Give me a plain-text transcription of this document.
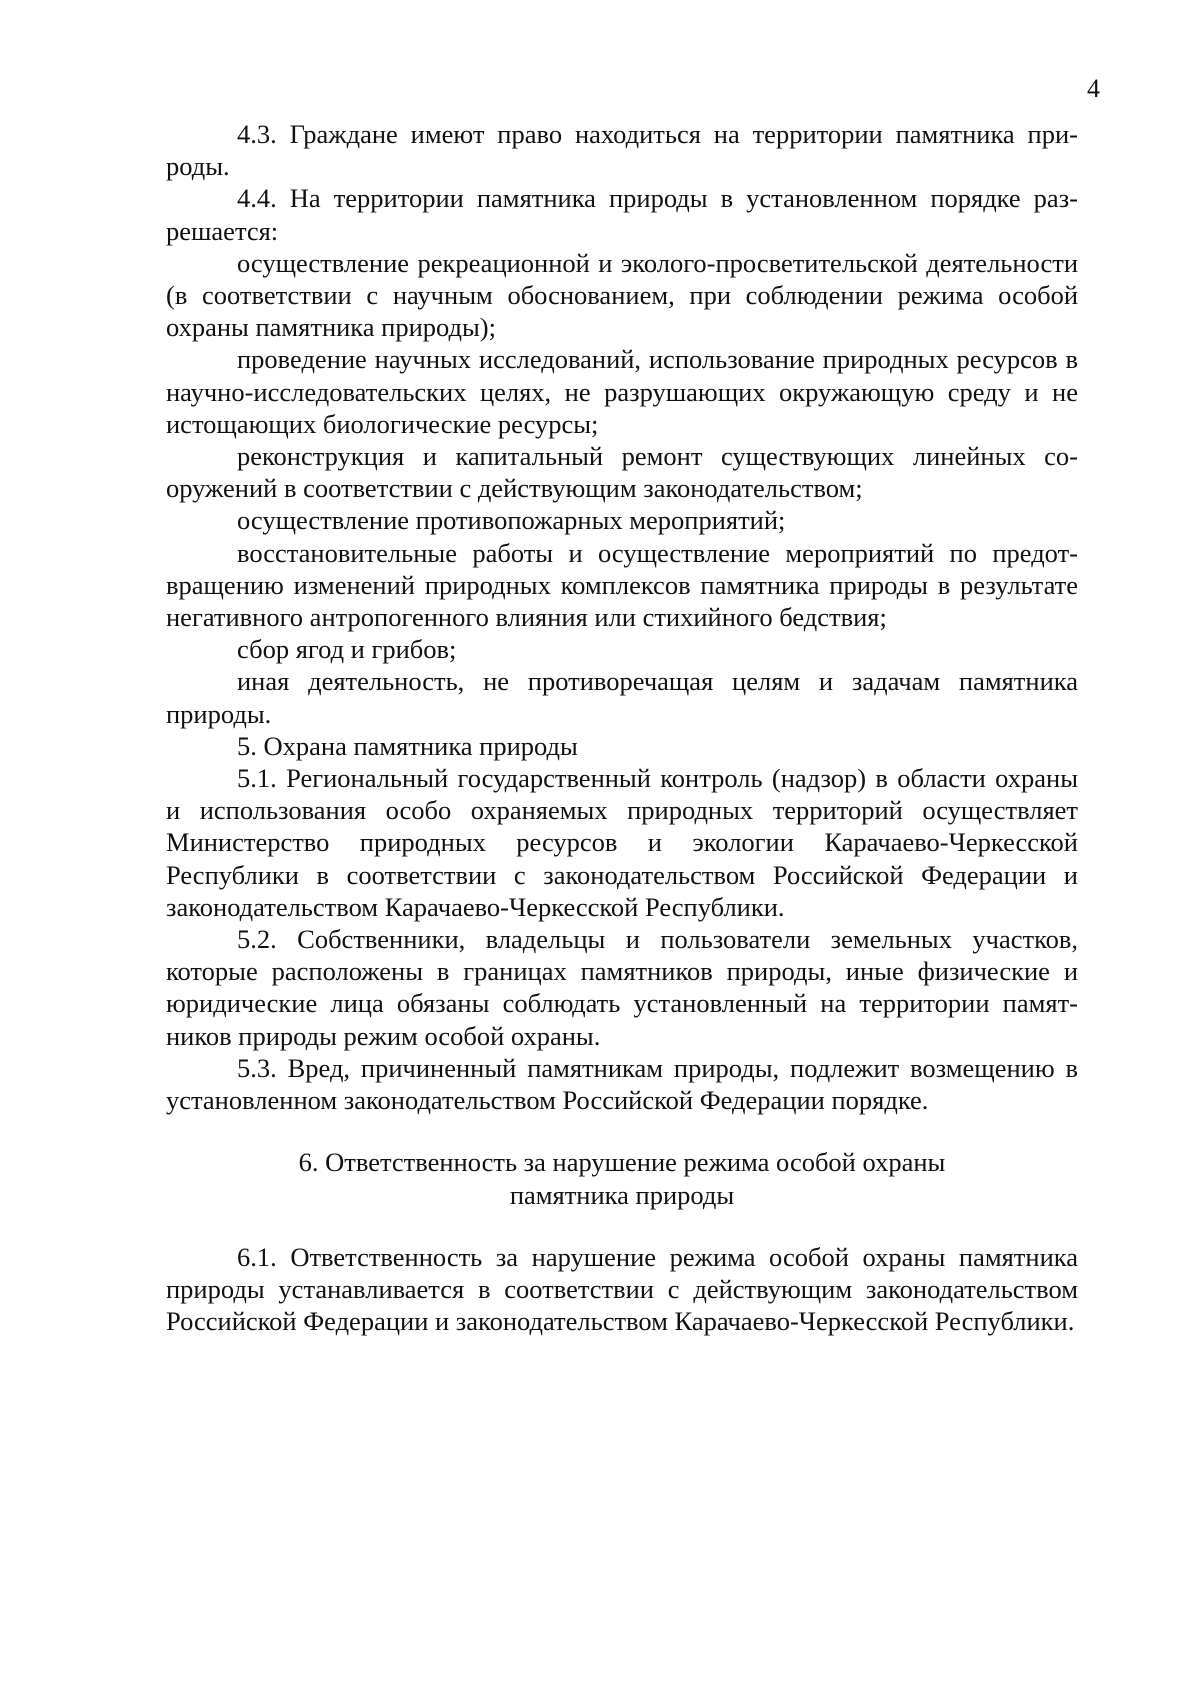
4

4.3. Граждане имеют право находиться на территории памятника природы.

4.4. На территории памятника природы в установленном порядке разрешается:

осуществление рекреационной и эколого-просветительской деятельности (в соответствии с научным обоснованием, при соблюдении режима особой охраны памятника природы);

проведение научных исследований, использование природных ресурсов в научно-исследовательских целях, не разрушающих окружающую среду и не истощающих биологические ресурсы;

реконструкция и капитальный ремонт существующих линейных сооружений в соответствии с действующим законодательством;

осуществление противопожарных мероприятий;

восстановительные работы и осуществление мероприятий по предотвращению изменений природных комплексов памятника природы в результате негативного антропогенного влияния или стихийного бедствия;

сбор ягод и грибов;

иная деятельность, не противоречащая целям и задачам памятника природы.

5. Охрана памятника природы

5.1. Региональный государственный контроль (надзор) в области охраны и использования особо охраняемых природных территорий осуществляет Министерство природных ресурсов и экологии Карачаево-Черкесской Республики в соответствии с законодательством Российской Федерации и законодательством Карачаево-Черкесской Республики.

5.2. Собственники, владельцы и пользователи земельных участков, которые расположены в границах памятников природы, иные физические и юридические лица обязаны соблюдать установленный на территории памятников природы режим особой охраны.

5.3. Вред, причиненный памятникам природы, подлежит возмещению в установленном законодательством Российской Федерации порядке.

6. Ответственность за нарушение режима особой охраны
памятника природы

6.1. Ответственность за нарушение режима особой охраны памятника природы устанавливается в соответствии с действующим законодательством Российской Федерации и законодательством Карачаево-Черкесской Республики.
